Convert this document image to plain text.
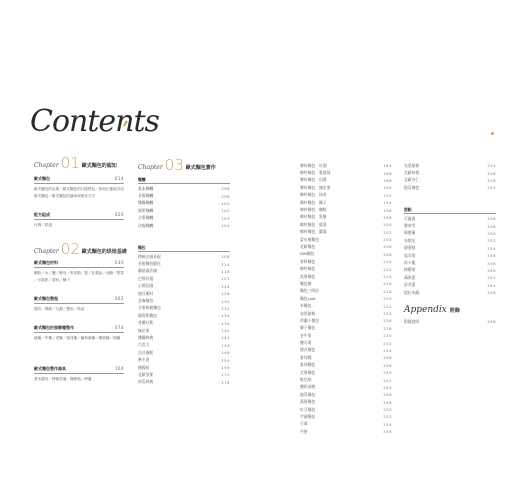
Contents
Chapter 01 歐式麵包的認知
歐式麵包	014
歐式麵包的定義／歐式麵包的口感特色／如何正確地享用歐式麵包／歐式麵包的風味與保存方式
配方組成	020
比例／烘焙
Chapter 02 歐式麵包的烘焙基礎
歐式麵包材料	030
麵粉／水／鹽／酵母／麥芽精／蛋／乳製品／油脂／堅果／水果乾／香料／種子
歐式麵包製程	062
攪拌／發酵／分割／整形／烘焙
歐式麵包的發酵種製作	074
液種／中種／老麵／魯邦種／葡萄菌種／優格種／酒種
歐式麵包製作器具	104
基本器具／烤箱設備／發酵箱／烤盤
Chapter 03 歐式麵包實作
麵糰
基本麵糰	096
長棍麵糰	098
雜糧麵糰	100
裸麥麵糰	102
全麥麵糰	103
法國麵糰	104
麵包
傳統法國長棍	108
長棍麵包變化	114
蘑菇頭法國	118
巴黎長棍	121
小圓法國	124
德式鄉村	128
芝麻麵包	130
全麥核桃麵包	132
葡萄乾麵包	134
普羅旺斯	136
無花果	140
雜糧核桃	142
巧克力	144
法式拖鞋	146
佛卡夏	150
德國結	156
北歐黑麥	170
南瓜核桃	178
鄉村麵包　紅酒	184
鄉村麵包　蔓越莓	186
鄉村麵包　伯爵	188
鄉村麵包　無花果	190
鄉村麵包　抹茶	192
鄉村麵包　椰子	194
鄉村麵包　咖啡	196
鄉村麵包　乳酪	198
鄉村麵包　菠菜	200
鄉村麵包　蘿蔔	202
蒙布朗麵包	204
北歐麵包	206
DIN麵包	208
香料麵包	210
鄉村麵包	212
黑麥麵包	214
麵包柳	216
麵包三明治	218
麵包Loaf	220
米麵包	222
布里歐修	224
荷蘭小餐包	226
辮子麵包	228
金牛角	230
鹽可頌	232
德式麵包	234
魯邦種	236
魯邦麵包	238
全麥麵包	240
維也納	242
鹽奶油捲	244
地瓜麵包	246
燕麥麵包	248
紅豆麵包	250
芋頭麵包	252
可頌	254
丹麥	256
布里歐修	314
北歐核桃	316
北歐杏仁	318
地瓜麵包	320
甜點
可麗露	326
費南雪	328
瑪德蓮	330
布朗尼	332
磅蛋糕	334
起司塔	336
馬卡龍	338
檸檬塔	340
蘋果派	342
舒芙蕾	344
提拉米蘇	346
Appendix 附錄
附錄說明	348
